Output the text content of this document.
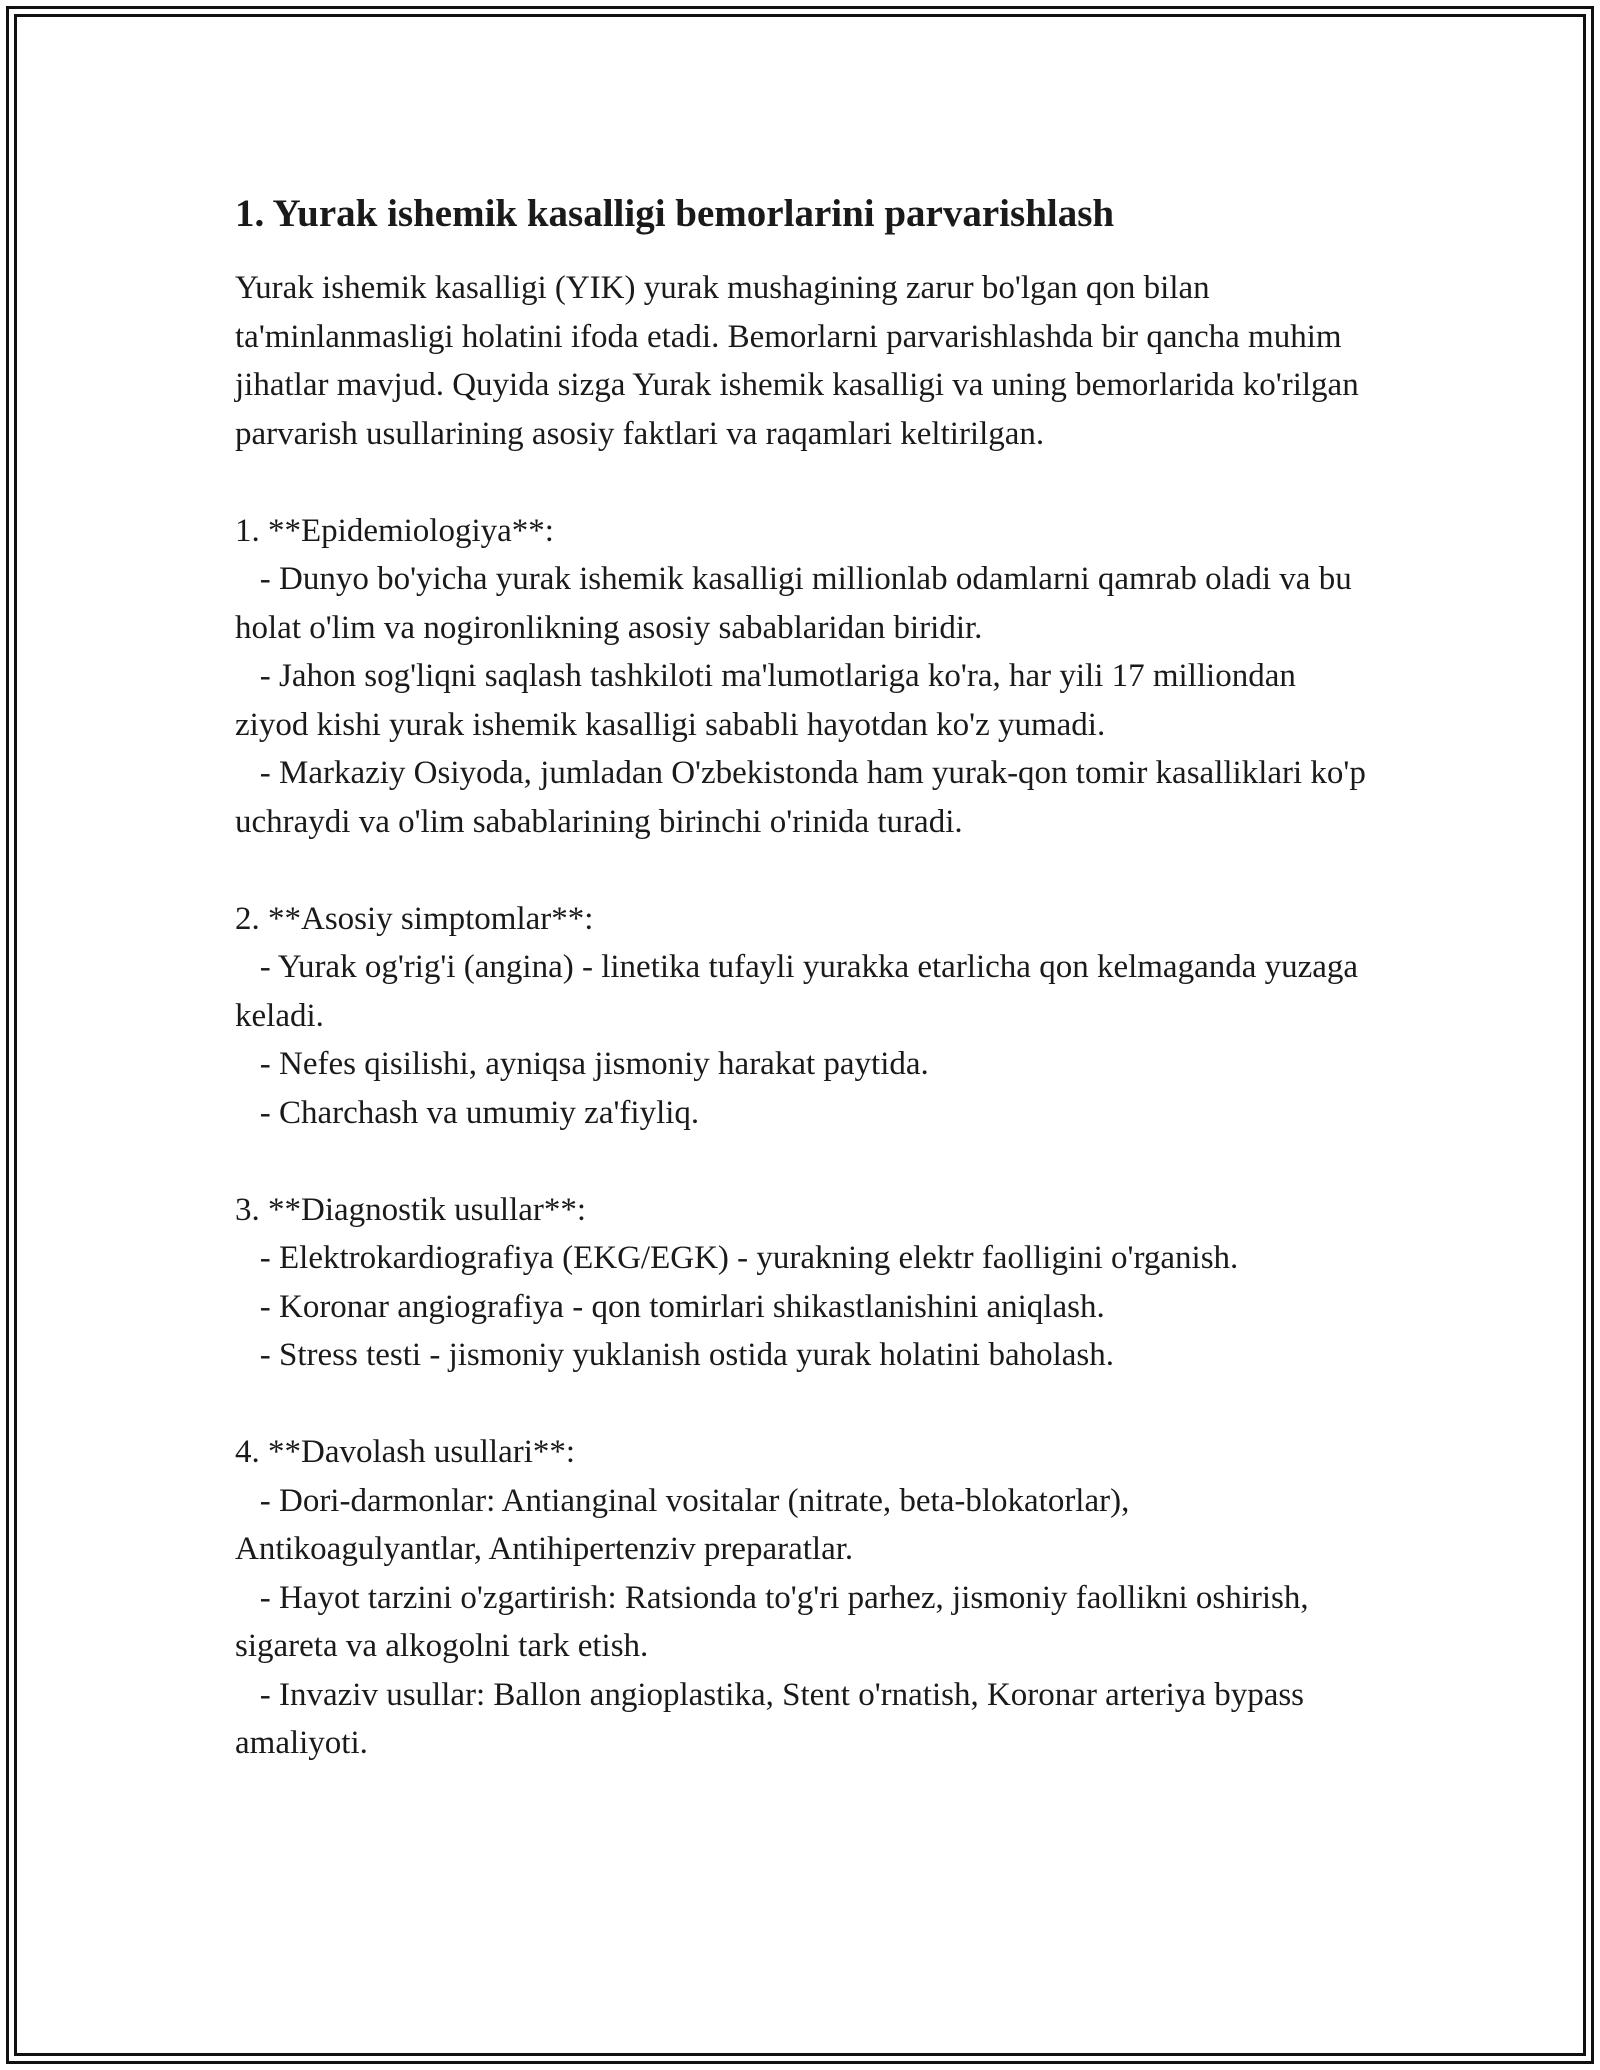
1. Yurak ishemik kasalligi bemorlarini parvarishlash

Yurak ishemik kasalligi (YIK) yurak mushagining zarur bo'lgan qon bilan ta'minlanmasligi holatini ifoda etadi. Bemorlarni parvarishlashda bir qancha muhim jihatlar mavjud. Quyida sizga Yurak ishemik kasalligi va uning bemorlarida ko'rilgan parvarish usullarining asosiy faktlari va raqamlari keltirilgan.

1. **Epidemiologiya**:

- Dunyo bo'yicha yurak ishemik kasalligi millionlab odamlarni qamrab oladi va bu holat o'lim va nogironlikning asosiy sabablaridan biridir.

- Jahon sog'liqni saqlash tashkiloti ma'lumotlariga ko'ra, har yili 17 milliondan ziyod kishi yurak ishemik kasalligi sababli hayotdan ko'z yumadi.

- Markaziy Osiyoda, jumladan O'zbekistonda ham yurak-qon tomir kasalliklari ko'p uchraydi va o'lim sabablarining birinchi o'rinida turadi.

2. **Asosiy simptomlar**:

- Yurak og'rig'i (angina) - linetika tufayli yurakka etarlicha qon kelmaganda yuzaga keladi.

- Nefes qisilishi, ayniqsa jismoniy harakat paytida.

- Charchash va umumiy za'fiyliq.

3. **Diagnostik usullar**:

- Elektrokardiografiya (EKG/EGK) - yurakning elektr faolligini o'rganish.

- Koronar angiografiya - qon tomirlari shikastlanishini aniqlash.

- Stress testi - jismoniy yuklanish ostida yurak holatini baholash.

4. **Davolash usullari**:

- Dori-darmonlar: Antianginal vositalar (nitrate, beta-blokatorlar), Antikoagulyantlar, Antihipertenziv preparatlar.

- Hayot tarzini o'zgartirish: Ratsionda to'g'ri parhez, jismoniy faollikni oshirish, sigareta va alkogolni tark etish.

- Invaziv usullar: Ballon angioplastika, Stent o'rnatish, Koronar arteriya bypass amaliyoti.
